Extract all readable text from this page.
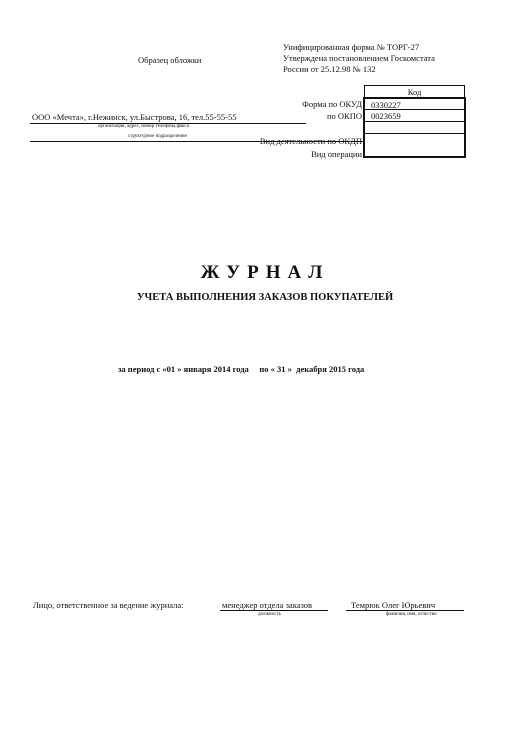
Образец обложки
Унифицированная форма № ТОРГ-27
Утверждена постановлением Госкомстата
России от 25.12.98 № 132
Код
0330227
0023659
Форма по ОКУД
по ОКПО
Вид деятельности по ОКДП
Вид операции
ООО «Мечта», г.Нежинск, ул.Быстрова, 16, тел.55-55-55
организация, адрес, номер телефона,факса
структурное подразделение
ЖУРНАЛ
УЧЕТА ВЫПОЛНЕНИЯ ЗАКАЗОВ ПОКУПАТЕЛЕЙ
за период с «01 » января 2014 года     по « 31 »  декабря 2015 года
Лицо, ответственное за ведение журнала:	менеджер отдела заказов
должность
Темрюк Олег Юрьевич
фамилия, имя, отчество
